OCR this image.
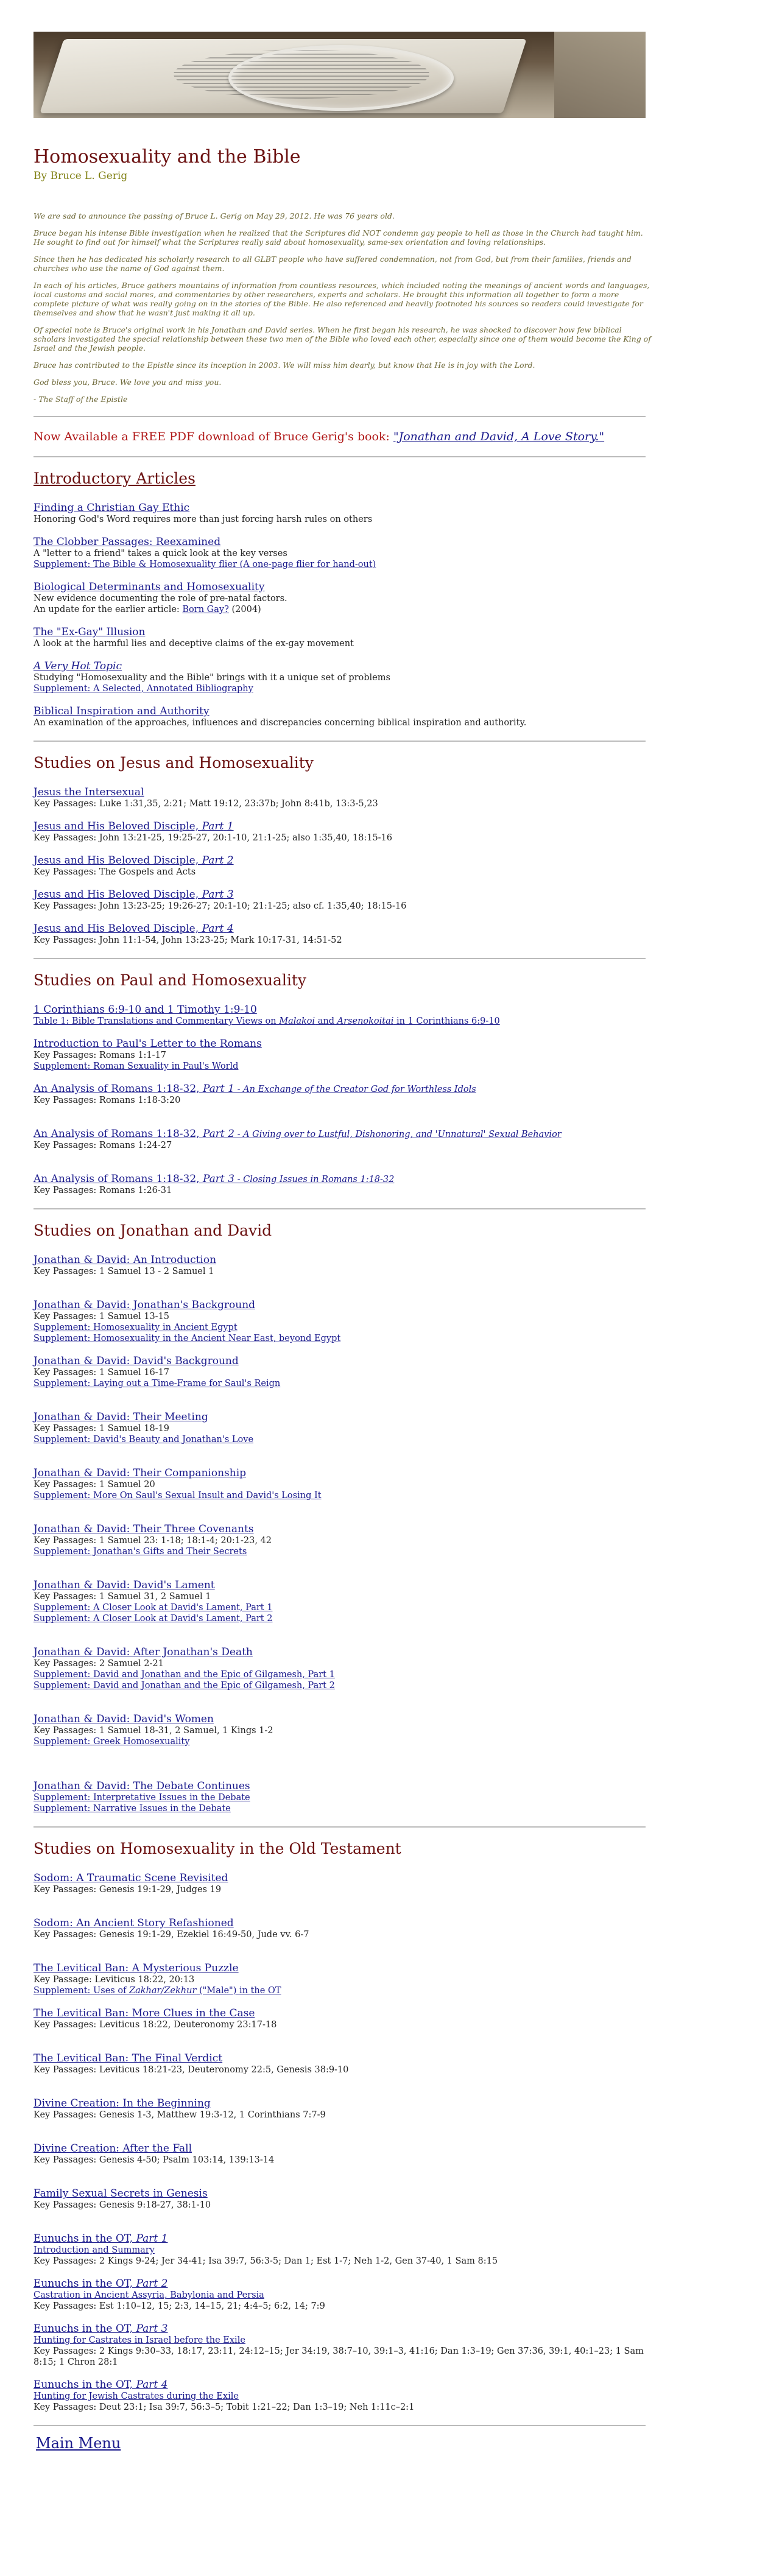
Homosexuality and the Bible
By Bruce L. Gerig

We are sad to announce the passing of Bruce L. Gerig on May 29, 2012. He was 76 years old.

Bruce began his intense Bible investigation when he realized that the Scriptures did NOT condemn gay people to hell as those in the Church had taught him. He sought to find out for himself what the Scriptures really said about homosexuality, same-sex orientation and loving relationships.

Since then he has dedicated his scholarly research to all GLBT people who have suffered condemnation, not from God, but from their families, friends and churches who use the name of God against them.

In each of his articles, Bruce gathers mountains of information from countless resources, which included noting the meanings of ancient words and languages, local customs and social mores, and commentaries by other researchers, experts and scholars. He brought this information all together to form a more complete picture of what was really going on in the stories of the Bible. He also referenced and heavily footnoted his sources so readers could investigate for themselves and show that he wasn't just making it all up.

Of special note is Bruce's original work in his Jonathan and David series. When he first began his research, he was shocked to discover how few biblical scholars investigated the special relationship between these two men of the Bible who loved each other, especially since one of them would become the King of Israel and the Jewish people.

Bruce has contributed to the Epistle since its inception in 2003. We will miss him dearly, but know that He is in joy with the Lord.

God bless you, Bruce. We love you and miss you.

- The Staff of the Epistle

Now Available a FREE PDF download of Bruce Gerig's book: "Jonathan and David, A Love Story."
Introductory Articles
Finding a Christian Gay Ethic
Honoring God's Word requires more than just forcing harsh rules on others
The Clobber Passages: Reexamined
A "letter to a friend" takes a quick look at the key verses
Supplement: The Bible & Homosexuality flier (A one-page flier for hand-out)
Biological Determinants and Homosexuality
New evidence documenting the role of pre-natal factors.
An update for the earlier article: Born Gay? (2004)
The "Ex-Gay" Illusion
A look at the harmful lies and deceptive claims of the ex-gay movement
A Very Hot Topic
Studying "Homosexuality and the Bible" brings with it a unique set of problems
Supplement: A Selected, Annotated Bibliography
Biblical Inspiration and Authority
An examination of the approaches, influences and discrepancies concerning biblical inspiration and authority.
Studies on Jesus and Homosexuality
Jesus the Intersexual
Key Passages: Luke 1:31,35, 2:21; Matt 19:12, 23:37b; John 8:41b, 13:3-5,23
Jesus and His Beloved Disciple, Part 1
Key Passages: John 13:21-25, 19:25-27, 20:1-10, 21:1-25; also 1:35,40, 18:15-16
Jesus and His Beloved Disciple, Part 2
Key Passages: The Gospels and Acts
Jesus and His Beloved Disciple, Part 3
Key Passages: John 13:23-25; 19:26-27; 20:1-10; 21:1-25; also cf. 1:35,40; 18:15-16
Jesus and His Beloved Disciple, Part 4
Key Passages: John 11:1-54, John 13:23-25; Mark 10:17-31, 14:51-52
Studies on Paul and Homosexuality
1 Corinthians 6:9-10 and 1 Timothy 1:9-10
Table 1: Bible Translations and Commentary Views on Malakoi and Arsenokoitai in 1 Corinthians 6:9-10
Introduction to Paul's Letter to the Romans
Key Passages: Romans 1:1-17
Supplement: Roman Sexuality in Paul's World
An Analysis of Romans 1:18-32, Part 1 - An Exchange of the Creator God for Worthless Idols
Key Passages: Romans 1:18-3:20
An Analysis of Romans 1:18-32, Part 2 - A Giving over to Lustful, Dishonoring, and 'Unnatural' Sexual Behavior
Key Passages: Romans 1:24-27
An Analysis of Romans 1:18-32, Part 3 - Closing Issues in Romans 1:18-32
Key Passages: Romans 1:26-31
Studies on Jonathan and David
Jonathan & David: An Introduction
Key Passages: 1 Samuel 13 - 2 Samuel 1
Jonathan & David: Jonathan's Background
Key Passages: 1 Samuel 13-15
Supplement: Homosexuality in Ancient Egypt
Supplement: Homosexuality in the Ancient Near East, beyond Egypt
Jonathan & David: David's Background
Key Passages: 1 Samuel 16-17
Supplement: Laying out a Time-Frame for Saul's Reign
Jonathan & David: Their Meeting
Key Passages: 1 Samuel 18-19
Supplement: David's Beauty and Jonathan's Love
Jonathan & David: Their Companionship
Key Passages: 1 Samuel 20
Supplement: More On Saul's Sexual Insult and David's Losing It
Jonathan & David: Their Three Covenants
Key Passages: 1 Samuel 23: 1-18; 18:1-4; 20:1-23, 42
Supplement: Jonathan's Gifts and Their Secrets
Jonathan & David: David's Lament
Key Passages: 1 Samuel 31, 2 Samuel 1
Supplement: A Closer Look at David's Lament, Part 1
Supplement: A Closer Look at David's Lament, Part 2
Jonathan & David: After Jonathan's Death
Key Passages: 2 Samuel 2-21
Supplement: David and Jonathan and the Epic of Gilgamesh, Part 1
Supplement: David and Jonathan and the Epic of Gilgamesh, Part 2
Jonathan & David: David's Women
Key Passages: 1 Samuel 18-31, 2 Samuel, 1 Kings 1-2
Supplement: Greek Homosexuality
Jonathan & David: The Debate Continues
Supplement: Interpretative Issues in the Debate
Supplement: Narrative Issues in the Debate
Studies on Homosexuality in the Old Testament
Sodom: A Traumatic Scene Revisited
Key Passages: Genesis 19:1-29, Judges 19
Sodom: An Ancient Story Refashioned
Key Passages: Genesis 19:1-29, Ezekiel 16:49-50, Jude vv. 6-7
The Levitical Ban: A Mysterious Puzzle
Key Passage: Leviticus 18:22, 20:13
Supplement: Uses of Zakhar/Zekhur ("Male") in the OT
The Levitical Ban: More Clues in the Case
Key Passages: Leviticus 18:22, Deuteronomy 23:17-18
The Levitical Ban: The Final Verdict
Key Passages: Leviticus 18:21-23, Deuteronomy 22:5, Genesis 38:9-10
Divine Creation: In the Beginning
Key Passages: Genesis 1-3, Matthew 19:3-12, 1 Corinthians 7:7-9
Divine Creation: After the Fall
Key Passages: Genesis 4-50; Psalm 103:14, 139:13-14
Family Sexual Secrets in Genesis
Key Passages: Genesis 9:18-27, 38:1-10
Eunuchs in the OT, Part 1
Introduction and Summary
Key Passages: 2 Kings 9-24; Jer 34-41; Isa 39:7, 56:3-5; Dan 1; Est 1-7; Neh 1-2, Gen 37-40, 1 Sam 8:15
Eunuchs in the OT, Part 2
Castration in Ancient Assyria, Babylonia and Persia
Key Passages: Est 1:10–12, 15; 2:3, 14–15, 21; 4:4–5; 6:2, 14; 7:9
Eunuchs in the OT, Part 3
Hunting for Castrates in Israel before the Exile
Key Passages: 2 Kings 9:30–33, 18:17, 23:11, 24:12–15; Jer 34:19, 38:7–10, 39:1–3, 41:16; Dan 1:3–19; Gen 37:36, 39:1, 40:1–23; 1 Sam 8:15; 1 Chron 28:1
Eunuchs in the OT, Part 4
Hunting for Jewish Castrates during the Exile
Key Passages: Deut 23:1; Isa 39:7, 56:3–5; Tobit 1:21–22; Dan 1:3–19; Neh 1:11c–2:1
Main Menu
